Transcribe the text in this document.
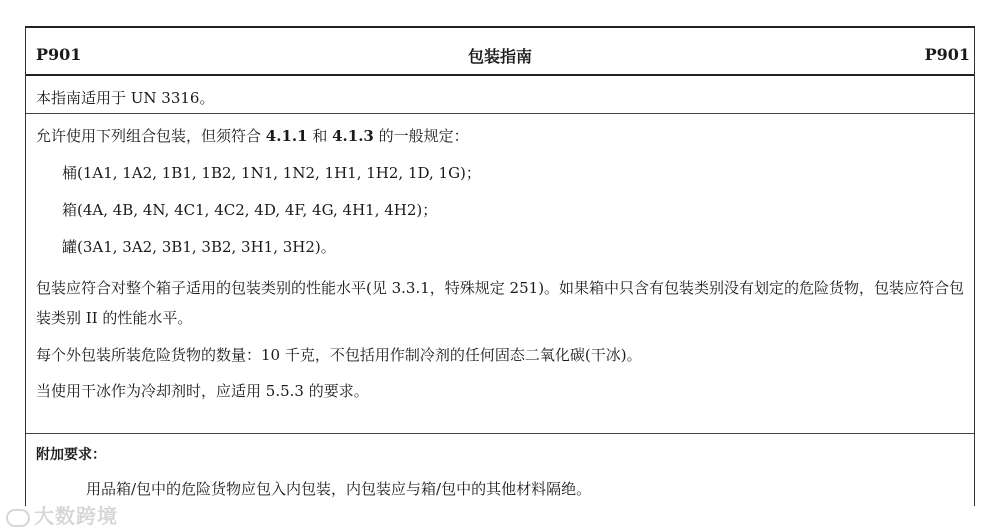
P901	包装指南	P901
本指南适用于 UN 3316。

允许使用下列组合包装，但须符合 4.1.1 和 4.1.3 的一般规定：

桶(1A1, 1A2, 1B1, 1B2, 1N1, 1N2, 1H1, 1H2, 1D, 1G)；

箱(4A, 4B, 4N, 4C1, 4C2, 4D, 4F, 4G, 4H1, 4H2)；

罐(3A1, 3A2, 3B1, 3B2, 3H1, 3H2)。

包装应符合对整个箱子适用的包装类别的性能水平(见 3.3.1，特殊规定 251)。如果箱中只含有包装类别没有划定的危险货物，包装应符合包装类别 II 的性能水平。

每个外包装所装危险货物的数量：10 千克，不包括用作制冷剂的任何固态二氧化碳(干冰)。

当使用干冰作为冷却剂时，应适用 5.5.3 的要求。

附加要求：
用品箱/包中的危险货物应包入内包装，内包装应与箱/包中的其他材料隔绝。
大数跨境
